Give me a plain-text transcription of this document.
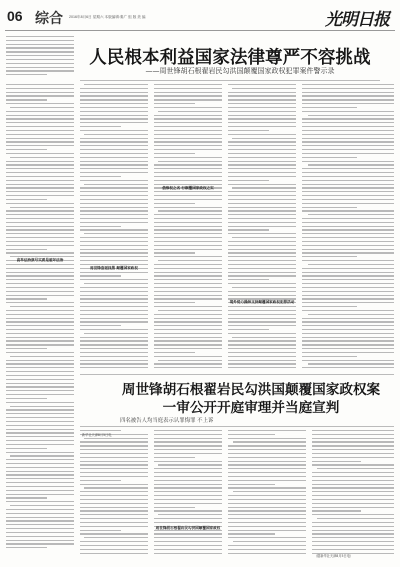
06 综合 2016年8月6日 星期六 本版编辑:秦广 组 版 美 编	光明日报
人民根本利益国家法律尊严不容挑战
——周世锋胡石根翟岩民勾洪国颠覆国家政权犯罪案件警示录
高举法治旗号实质是破坏法治
周世锋造谣抹黑 颠覆国家政权
借维权之名 行颠覆国家政权之实
境外势力操纵支持颠覆国家政权犯罪活动
周世锋胡石根翟岩民勾洪国颠覆国家政权案
一审公开开庭审理并当庭宣判
四名被告人均当庭表示认罪悔罪 不上诉
周世锋胡石根翟岩民勾洪国颠覆国家政权
新华社天津8月5日电
（据新华社天津8月5日电）
